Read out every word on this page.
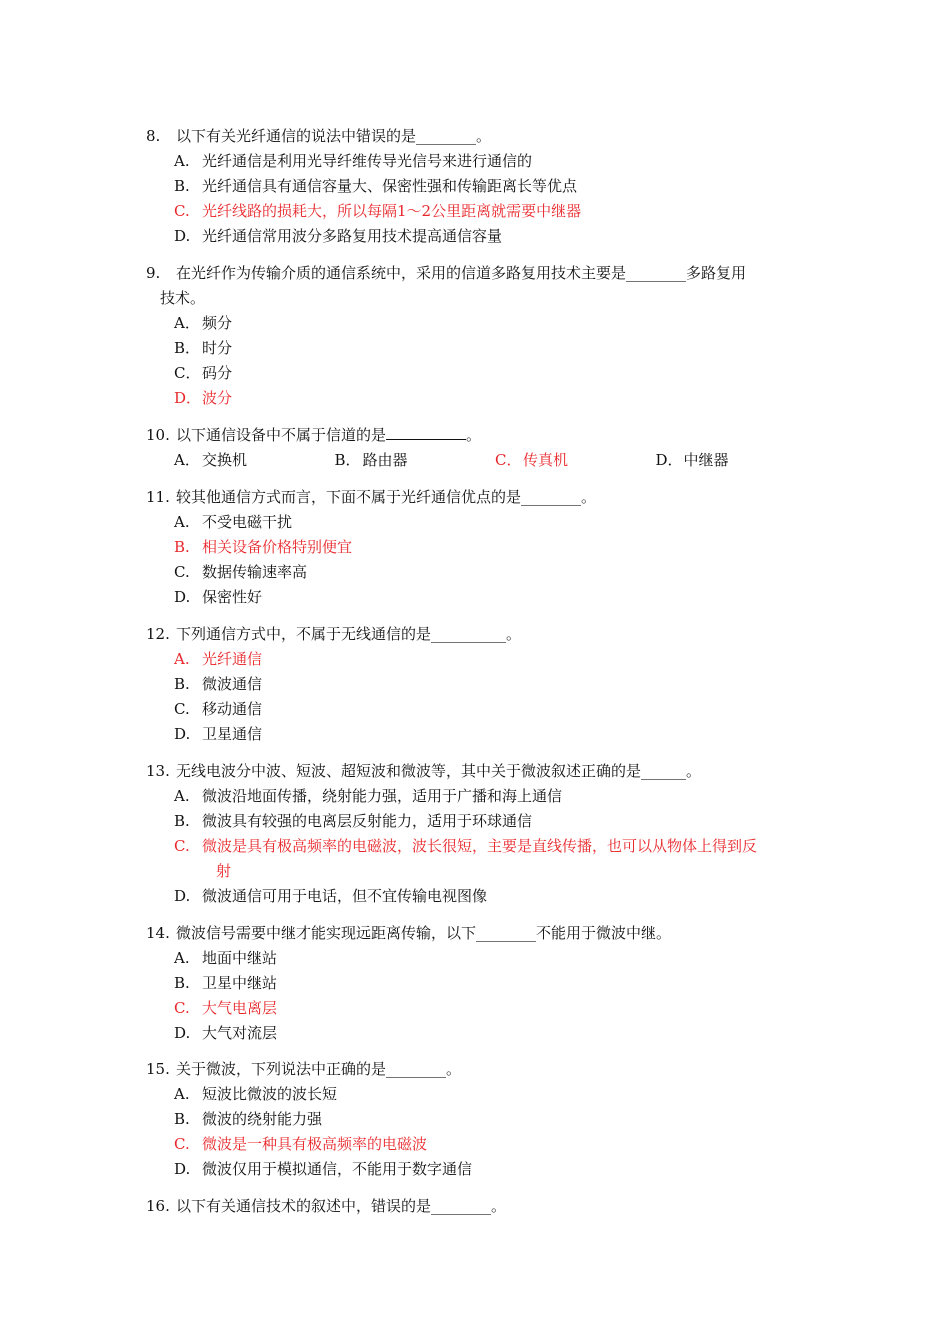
8.	以下有关光纤通信的说法中错误的是________。
A. 光纤通信是利用光导纤维传导光信号来进行通信的
B. 光纤通信具有通信容量大、保密性强和传输距离长等优点
C. 光纤线路的损耗大，所以每隔1～2公里距离就需要中继器
D. 光纤通信常用波分多路复用技术提高通信容量
9.	在光纤作为传输介质的通信系统中，采用的信道多路复用技术主要是________多路复用
技术。
A． 频分
B． 时分
C． 码分
D． 波分
10. 以下通信设备中不属于信道的是	。
A． 交换机	B． 路由器	C． 传真机	D． 中继器
11. 较其他通信方式而言，下面不属于光纤通信优点的是________。
A. 不受电磁干扰
B. 相关设备价格特别便宜
C. 数据传输速率高
D. 保密性好
12. 下列通信方式中，不属于无线通信的是__________。
A. 光纤通信
B. 微波通信
C. 移动通信
D. 卫星通信
13. 无线电波分中波、短波、超短波和微波等，其中关于微波叙述正确的是______。
A. 微波沿地面传播，绕射能力强，适用于广播和海上通信
B. 微波具有较强的电离层反射能力，适用于环球通信
C. 微波是具有极高频率的电磁波，波长很短，主要是直线传播，也可以从物体上得到反
射
D. 微波通信可用于电话，但不宜传输电视图像
14. 微波信号需要中继才能实现远距离传输，以下________不能用于微波中继。
A. 地面中继站
B. 卫星中继站
C. 大气电离层
D. 大气对流层
15. 关于微波，下列说法中正确的是________。
A. 短波比微波的波长短
B. 微波的绕射能力强
C. 微波是一种具有极高频率的电磁波
D. 微波仅用于模拟通信，不能用于数字通信
16. 以下有关通信技术的叙述中，错误的是________。
